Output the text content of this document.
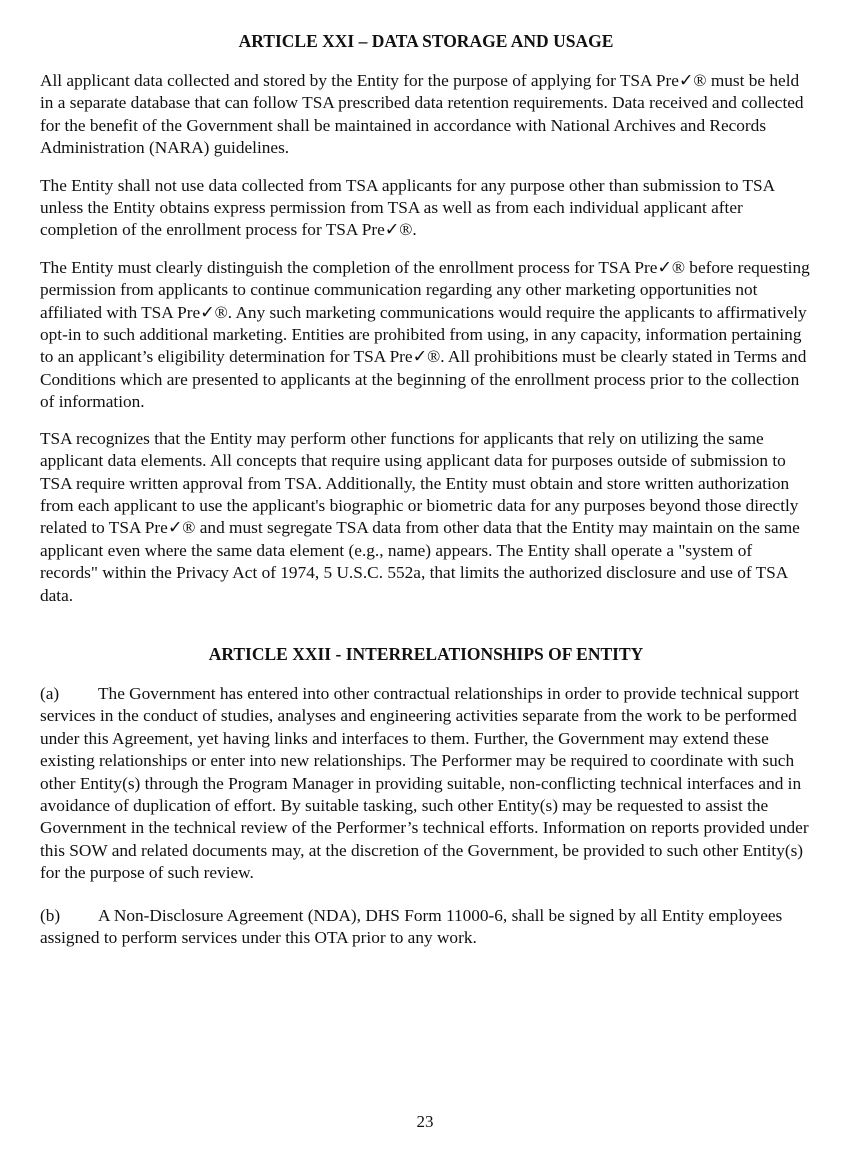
ARTICLE XXI – DATA STORAGE AND USAGE

All applicant data collected and stored by the Entity for the purpose of applying for TSA Pre✓® must be held in a separate database that can follow TSA prescribed data retention requirements. Data received and collected for the benefit of the Government shall be maintained in accordance with National Archives and Records Administration (NARA) guidelines.

The Entity shall not use data collected from TSA applicants for any purpose other than submission to TSA unless the Entity obtains express permission from TSA as well as from each individual applicant after completion of the enrollment process for TSA Pre✓®.

The Entity must clearly distinguish the completion of the enrollment process for TSA Pre✓® before requesting permission from applicants to continue communication regarding any other marketing opportunities not affiliated with TSA Pre✓®. Any such marketing communications would require the applicants to affirmatively opt-in to such additional marketing. Entities are prohibited from using, in any capacity, information pertaining to an applicant’s eligibility determination for TSA Pre✓®. All prohibitions must be clearly stated in Terms and Conditions which are presented to applicants at the beginning of the enrollment process prior to the collection of information.

TSA recognizes that the Entity may perform other functions for applicants that rely on utilizing the same applicant data elements. All concepts that require using applicant data for purposes outside of submission to TSA require written approval from TSA. Additionally, the Entity must obtain and store written authorization from each applicant to use the applicant's biographic or biometric data for any purposes beyond those directly related to TSA Pre✓® and must segregate TSA data from other data that the Entity may maintain on the same applicant even where the same data element (e.g., name) appears. The Entity shall operate a "system of records" within the Privacy Act of 1974, 5 U.S.C. 552a, that limits the authorized disclosure and use of TSA data.

ARTICLE XXII - INTERRELATIONSHIPS OF ENTITY

(a) The Government has entered into other contractual relationships in order to provide technical support services in the conduct of studies, analyses and engineering activities separate from the work to be performed under this Agreement, yet having links and interfaces to them. Further, the Government may extend these existing relationships or enter into new relationships. The Performer may be required to coordinate with such other Entity(s) through the Program Manager in providing suitable, non-conflicting technical interfaces and in avoidance of duplication of effort. By suitable tasking, such other Entity(s) may be requested to assist the Government in the technical review of the Performer’s technical efforts. Information on reports provided under this SOW and related documents may, at the discretion of the Government, be provided to such other Entity(s) for the purpose of such review.

(b) A Non-Disclosure Agreement (NDA), DHS Form 11000-6, shall be signed by all Entity employees assigned to perform services under this OTA prior to any work.

23
